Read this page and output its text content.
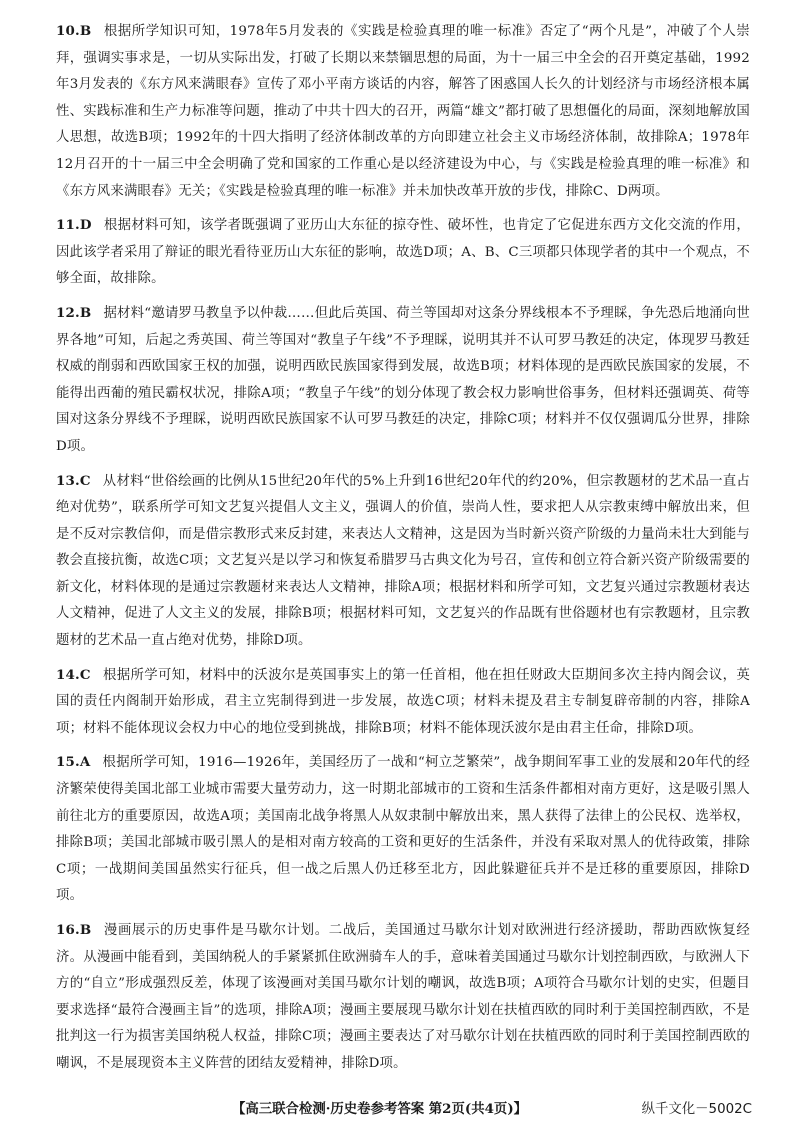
10.B 根据所学知识可知，1978年5月发表的《实践是检验真理的唯一标准》否定了“两个凡是”，冲破了个人崇拜，强调实事求是，一切从实际出发，打破了长期以来禁锢思想的局面，为十一届三中全会的召开奠定基础，1992年3月发表的《东方风来满眼春》宣传了邓小平南方谈话的内容，解答了困惑国人长久的计划经济与市场经济根本属性、实践标准和生产力标准等问题，推动了中共十四大的召开，两篇“雄文”都打破了思想僵化的局面，深刻地解放国人思想，故选B项；1992年的十四大指明了经济体制改革的方向即建立社会主义市场经济体制，故排除A；1978年12月召开的十一届三中全会明确了党和国家的工作重心是以经济建设为中心，与《实践是检验真理的唯一标准》和《东方风来满眼春》无关；《实践是检验真理的唯一标准》并未加快改革开放的步伐，排除C、D两项。

11.D 根据材料可知，该学者既强调了亚历山大东征的掠夺性、破坏性，也肯定了它促进东西方文化交流的作用，因此该学者采用了辩证的眼光看待亚历山大东征的影响，故选D项；A、B、C三项都只体现学者的其中一个观点，不够全面，故排除。

12.B 据材料“邀请罗马教皇予以仲裁……但此后英国、荷兰等国却对这条分界线根本不予理睬，争先恐后地涌向世界各地”可知，后起之秀英国、荷兰等国对“教皇子午线”不予理睬，说明其并不认可罗马教廷的决定，体现罗马教廷权威的削弱和西欧国家王权的加强，说明西欧民族国家得到发展，故选B项；材料体现的是西欧民族国家的发展，不能得出西葡的殖民霸权状况，排除A项；“教皇子午线”的划分体现了教会权力影响世俗事务，但材料还强调英、荷等国对这条分界线不予理睬，说明西欧民族国家不认可罗马教廷的决定，排除C项；材料并不仅仅强调瓜分世界，排除D项。

13.C 从材料“世俗绘画的比例从15世纪20年代的5%上升到16世纪20年代的约20%，但宗教题材的艺术品一直占绝对优势”，联系所学可知文艺复兴提倡人文主义，强调人的价值，崇尚人性，要求把人从宗教束缚中解放出来，但是不反对宗教信仰，而是借宗教形式来反封建，来表达人文精神，这是因为当时新兴资产阶级的力量尚未壮大到能与教会直接抗衡，故选C项；文艺复兴是以学习和恢复希腊罗马古典文化为号召，宣传和创立符合新兴资产阶级需要的新文化，材料体现的是通过宗教题材来表达人文精神，排除A项；根据材料和所学可知，文艺复兴通过宗教题材表达人文精神，促进了人文主义的发展，排除B项；根据材料可知，文艺复兴的作品既有世俗题材也有宗教题材，且宗教题材的艺术品一直占绝对优势，排除D项。

14.C 根据所学可知，材料中的沃波尔是英国事实上的第一任首相，他在担任财政大臣期间多次主持内阁会议，英国的责任内阁制开始形成，君主立宪制得到进一步发展，故选C项；材料未提及君主专制复辟帝制的内容，排除A项；材料不能体现议会权力中心的地位受到挑战，排除B项；材料不能体现沃波尔是由君主任命，排除D项。

15.A 根据所学可知，1916—1926年，美国经历了一战和“柯立芝繁荣”，战争期间军事工业的发展和20年代的经济繁荣使得美国北部工业城市需要大量劳动力，这一时期北部城市的工资和生活条件都相对南方更好，这是吸引黑人前往北方的重要原因，故选A项；美国南北战争将黑人从奴隶制中解放出来，黑人获得了法律上的公民权、选举权，排除B项；美国北部城市吸引黑人的是相对南方较高的工资和更好的生活条件，并没有采取对黑人的优待政策，排除C项；一战期间美国虽然实行征兵，但一战之后黑人仍迁移至北方，因此躲避征兵并不是迁移的重要原因，排除D项。

16.B 漫画展示的历史事件是马歇尔计划。二战后，美国通过马歇尔计划对欧洲进行经济援助，帮助西欧恢复经济。从漫画中能看到，美国纳税人的手紧紧抓住欧洲骑车人的手，意味着美国通过马歇尔计划控制西欧，与欧洲人下方的“自立”形成强烈反差，体现了该漫画对美国马歇尔计划的嘲讽，故选B项；A项符合马歇尔计划的史实，但题目要求选择“最符合漫画主旨”的选项，排除A项；漫画主要展现马歇尔计划在扶植西欧的同时利于美国控制西欧，不是批判这一行为损害美国纳税人权益，排除C项；漫画主要表达了对马歇尔计划在扶植西欧的同时利于美国控制西欧的嘲讽，不是展现资本主义阵营的团结友爱精神，排除D项。

【高三联合检测·历史卷参考答案 第2页(共4页)】	纵千文化－5002C
